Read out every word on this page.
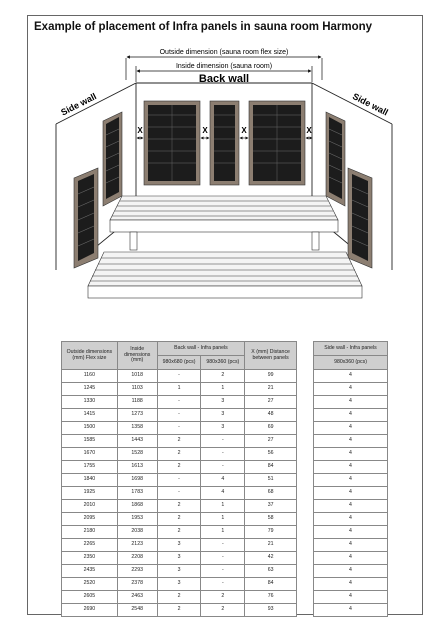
Example of placement of Infra panels in sauna room Harmony
Outside dimension (sauna room flex size)
Inside dimension (sauna room)
Back wall
Side wall	Side wall
X	X	X	X
Outside dimensions (mm) Flex size	Inside dimensions (mm)	Back wall - Infra panels		X (mm) Distance between panels
		980x680 (pcs)	980x360 (pcs)	
1160	1018	-	2	99
1245	1103	1	1	21
1330	1188	-	3	27
1415	1273	-	3	48
1500	1358	-	3	69
1585	1443	2	-	27
1670	1528	2	-	56
1755	1613	2	-	84
1840	1698	-	4	51
1925	1783	-	4	68
2010	1868	2	1	37
2095	1953	2	1	58
2180	2038	2	1	79
2265	2123	3	-	21
2350	2208	3	-	42
2435	2293	3	-	63
2520	2378	3	-	84
2605	2463	2	2	76
2690	2548	2	2	93
Side wall - Infra panels
980x360 (pcs)
4
4
4
4
4
4
4
4
4
4
4
4
4
4
4
4
4
4
4
